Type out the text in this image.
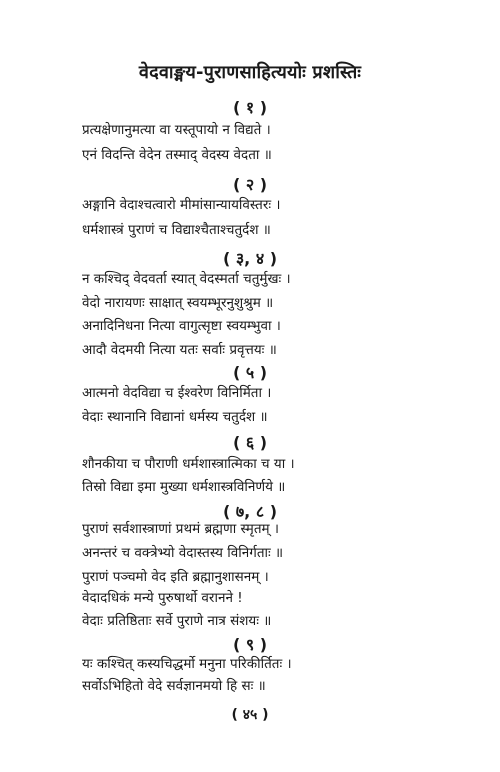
वेदवाङ्मय-पुराणसाहित्ययोः प्रशस्तिः
( १ )
प्रत्यक्षेणानुमत्या वा यस्तूपायो न विद्यते ।
एनं विदन्ति वेदेन तस्माद् वेदस्य वेदता ॥
( २ )
अङ्गानि वेदाश्चत्वारो मीमांसान्यायविस्तरः ।
धर्मशास्त्रं पुराणं च विद्याश्चैताश्चतुर्दश ॥
( ३, ४ )
न कश्चिद् वेदवर्ता स्यात् वेदस्मर्ता चतुर्मुखः ।
वेदो नारायणः साक्षात् स्वयम्भूरनुशुश्रुम ॥
अनादिनिधना नित्या वागुत्सृष्टा स्वयम्भुवा ।
आदौ वेदमयी नित्या यतः सर्वाः प्रवृत्तयः ॥
( ५ )
आत्मनो वेदविद्या च ईश्वरेण विनिर्मिता ।
वेदाः स्थानानि विद्यानां धर्मस्य चतुर्दश ॥
( ६ )
शौनकीया च पौराणी धर्मशास्त्रात्मिका च या ।
तिस्रो विद्या इमा मुख्या धर्मशास्त्रविनिर्णये ॥
( ७, ८ )
पुराणं सर्वशास्त्राणां प्रथमं ब्रह्मणा स्मृतम् ।
अनन्तरं च वक्त्रेभ्यो वेदास्तस्य विनिर्गताः ॥
पुराणं पञ्चमो वेद इति ब्रह्मानुशासनम् ।
वेदादधिकं मन्ये पुरुषार्थो वरानने !
वेदाः प्रतिष्ठिताः सर्वे पुराणे नात्र संशयः ॥
( ९ )
यः कश्चित् कस्यचिद्धर्मो मनुना परिकीर्तितः ।
सर्वोऽभिहितो वेदे सर्वज्ञानमयो हि सः ॥
( ४५ )
